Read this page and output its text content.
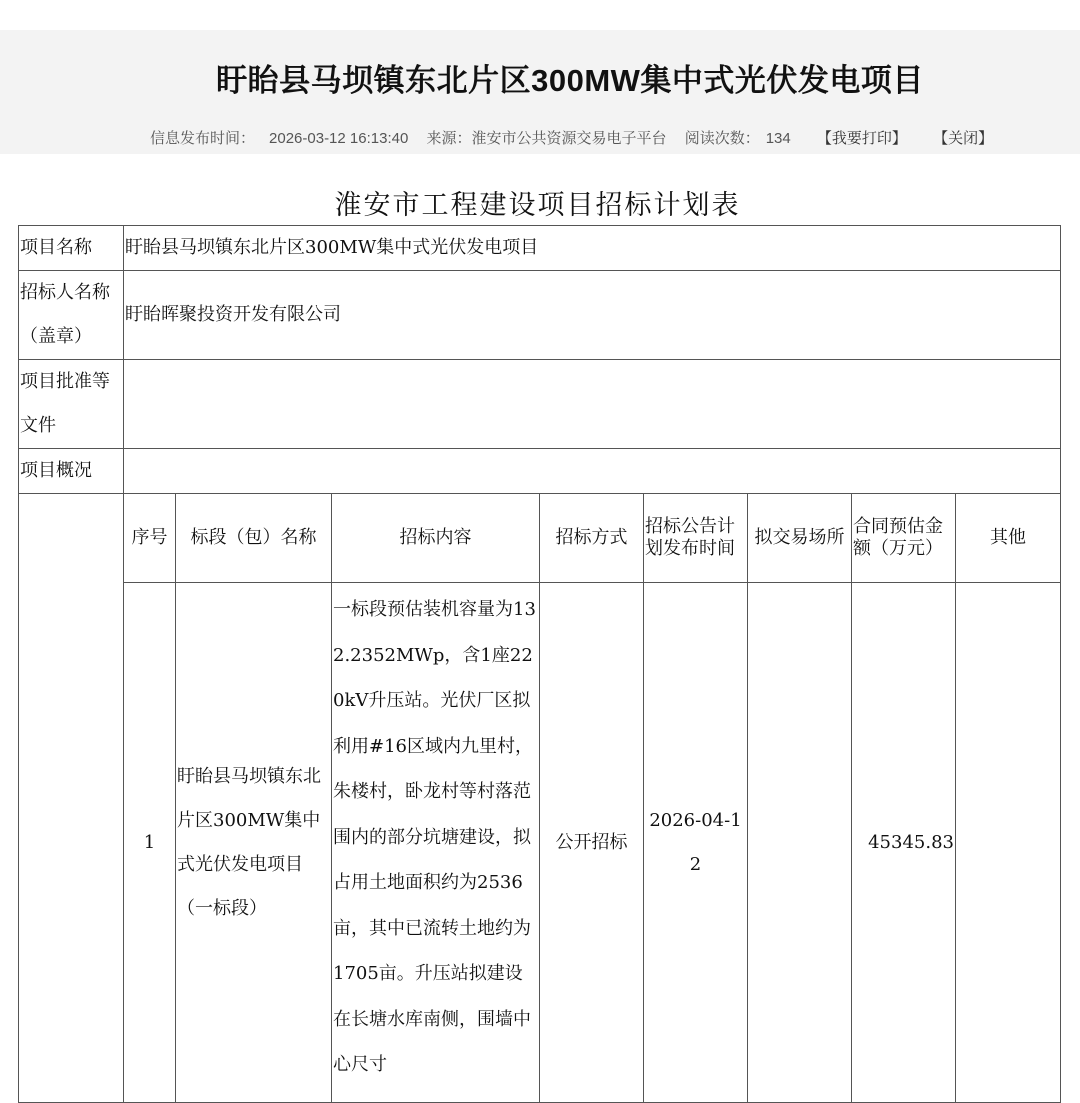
盱眙县马坝镇东北片区300MW集中式光伏发电项目
信息发布时间： 2026-03-12 16:13:40 来源：淮安市公共资源交易电子平台 阅读次数： 134 【我要打印】 【关闭】
淮安市工程建设项目招标计划表
项目名称	盱眙县马坝镇东北片区300MW集中式光伏发电项目							
招标人名称（盖章）	盱眙晖聚投资开发有限公司							
项目批准等文件								
项目概况								
	序号	标段（包）名称	招标内容	招标方式	招标公告计划发布时间	拟交易场所	合同预估金额（万元）	其他
	1	盱眙县马坝镇东北片区300MW集中式光伏发电项目（一标段）	一标段预估装机容量为132.2352MWp，含1座220kV升压站。光伏厂区拟利用#16区域内九里村，朱楼村，卧龙村等村落范围内的部分坑塘建设，拟占用土地面积约为2536亩，其中已流转土地约为1705亩。升压站拟建设在长塘水库南侧，围墙中心尺寸	公开招标	2026-04-12		45345.83	
